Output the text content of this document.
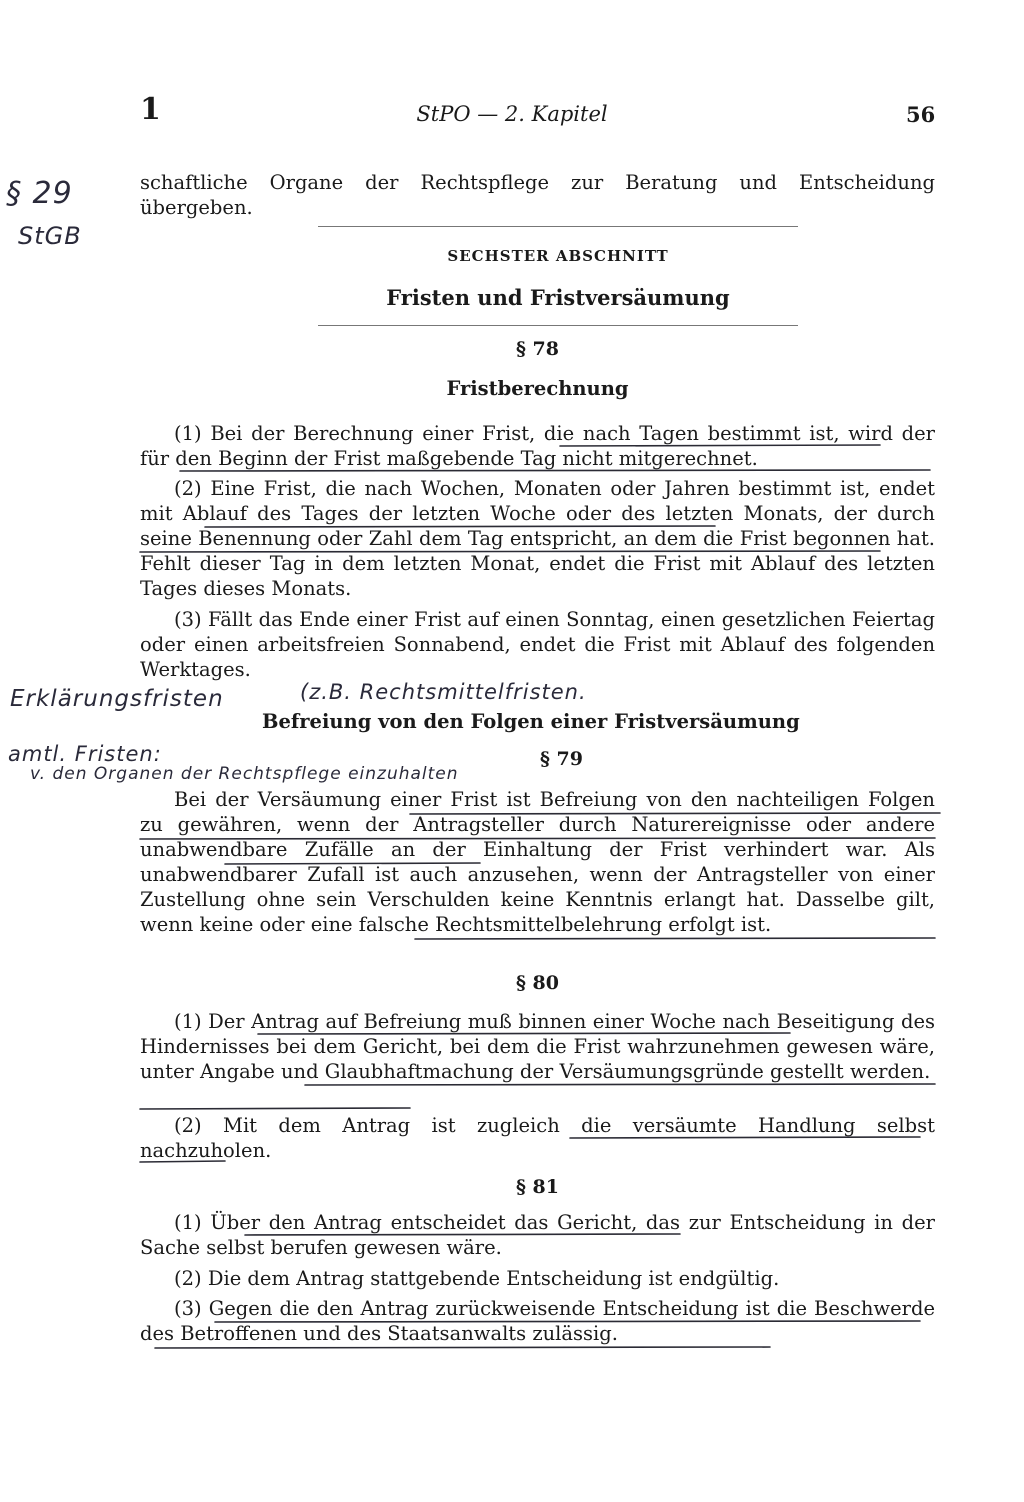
1	StPO — 2. Kapitel	56
§ 29
StGB
schaftliche Organe der Rechtspflege zur Beratung und Entscheidung übergeben.
SECHSTER ABSCHNITT
Fristen und Fristversäumung
§ 78
Fristberechnung
(1) Bei der Berechnung einer Frist, die nach Tagen bestimmt ist, wird der für den Beginn der Frist maßgebende Tag nicht mitgerechnet.
(2) Eine Frist, die nach Wochen, Monaten oder Jahren bestimmt ist, endet mit Ablauf des Tages der letzten Woche oder des letzten Monats, der durch seine Benennung oder Zahl dem Tag entspricht, an dem die Frist begonnen hat. Fehlt dieser Tag in dem letzten Monat, endet die Frist mit Ablauf des letzten Tages dieses Monats.
(3) Fällt das Ende einer Frist auf einen Sonntag, einen gesetzlichen Feiertag oder einen arbeitsfreien Sonnabend, endet die Frist mit Ablauf des folgenden Werktages.
Erklärungsfristen	(z.B. Rechtsmittelfristen.
Befreiung von den Folgen einer Fristversäumung
amtl. Fristen:
v. den Organen der Rechtspflege einzuhalten
§ 79
Bei der Versäumung einer Frist ist Befreiung von den nachteiligen Folgen zu gewähren, wenn der Antragsteller durch Naturereignisse oder andere unabwendbare Zufälle an der Einhaltung der Frist verhindert war. Als unabwendbarer Zufall ist auch anzusehen, wenn der Antragsteller von einer Zustellung ohne sein Verschulden keine Kenntnis erlangt hat. Dasselbe gilt, wenn keine oder eine falsche Rechtsmittelbelehrung erfolgt ist.
§ 80
(1) Der Antrag auf Befreiung muß binnen einer Woche nach Beseitigung des Hindernisses bei dem Gericht, bei dem die Frist wahrzunehmen gewesen wäre, unter Angabe und Glaubhaftmachung der Versäumungsgründe gestellt werden.
(2) Mit dem Antrag ist zugleich die versäumte Handlung selbst nachzuholen.
§ 81
(1) Über den Antrag entscheidet das Gericht, das zur Entscheidung in der Sache selbst berufen gewesen wäre.
(2) Die dem Antrag stattgebende Entscheidung ist endgültig.
(3) Gegen die den Antrag zurückweisende Entscheidung ist die Beschwerde des Betroffenen und des Staatsanwalts zulässig.
